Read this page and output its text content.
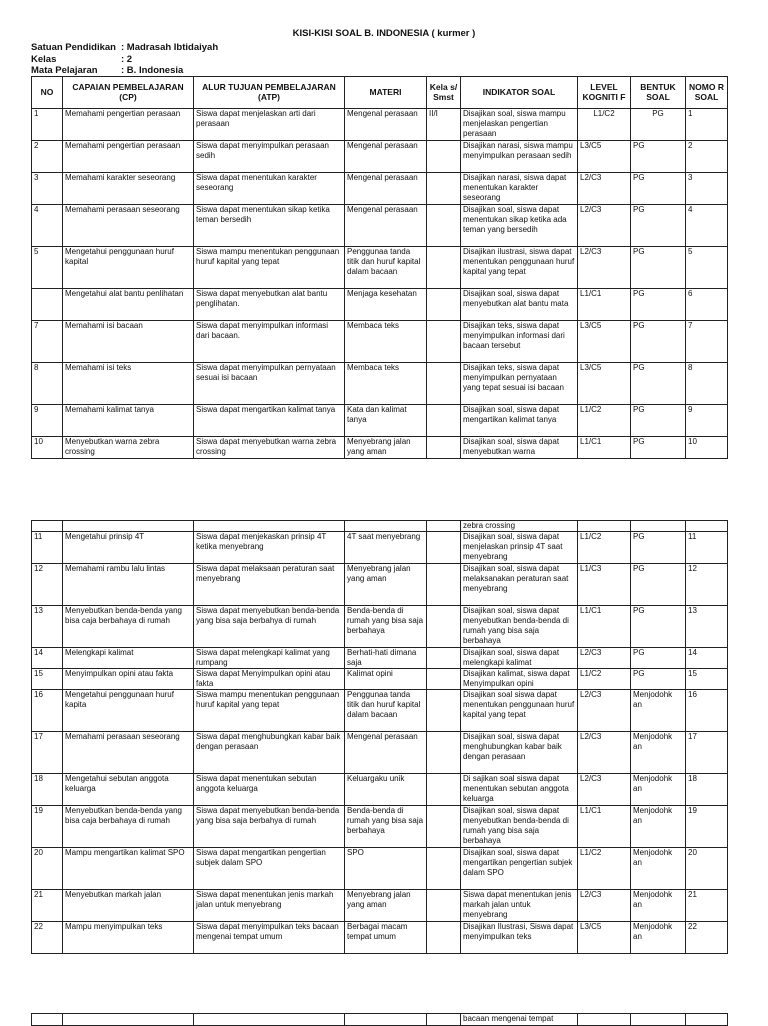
KISI-KISI SOAL B. INDONESIA ( kurmer )
Satuan Pendidikan : Madrasah Ibtidaiyah
Kelas	: 2
Mata Pelajaran	: B. Indonesia
NO	CAPAIAN PEMBELAJARAN (CP)	ALUR TUJUAN PEMBELAJARAN (ATP)	MATERI	Kela s/ Smst	INDIKATOR SOAL	LEVEL KOGNITI F	BENTUK SOAL	NOMO R SOAL
1	Memahami pengertian perasaan	Siswa dapat menjelaskan arti dari perasaan	Mengenal perasaan	II/I	Disajikan soal, siswa mampu menjelaskan pengertian perasaan	L1/C2	PG	1
2	Memahami pengertian perasaan	Siswa dapat menyimpulkan perasaan sedih	Mengenal perasaan		Disajikan narasi, siswa mampu menyimpulkan perasaan sedih	L3/C5	PG	2
3	Memahami karakter seseorang	Siswa dapat menentukan karakter seseorang	Mengenal perasaan		Disajikan narasi, siswa dapat menentukan karakter seseorang	L2/C3	PG	3
4	Memahami perasaan seseorang	Siswa dapat menentukan sikap ketika teman bersedih	Mengenal perasaan		Disajikan soal, siswa dapat menentukan sikap ketika ada teman yang bersedih	L2/C3	PG	4
5	Mengetahui penggunaan huruf kapital	Siswa mampu menentukan penggunaan huruf kapital yang tepat	Penggunaa tanda titik dan huruf kapital dalam bacaan		Disajikan ilustrasi, siswa dapat menentukan penggunaan huruf kapital yang tepat	L2/C3	PG	5
	Mengetahui alat bantu penlihatan	Siswa dapat menyebutkan alat bantu penglihatan.	Menjaga kesehatan		Disajikan soal, siswa dapat menyebutkan alat bantu mata	L1/C1	PG	6
7	Memahami isi bacaan	Siswa dapat menyimpulkan informasi dari bacaan.	Membaca teks		Disajikan teks, siswa dapat menyimpulkan informasi dari bacaan tersebut	L3/C5	PG	7
8	Memahami isi teks	Siswa dapat menyimpulkan pernyataan sesuai isi bacaan	Membaca teks		Disajikan teks, siswa dapat menyimpulkan pernyataan yang tepat sesuai isi bacaan	L3/C5	PG	8
9	Memahami kalimat tanya	Siswa dapat mengartikan kalimat tanya	Kata dan kalimat tanya		Disajikan soal, siswa dapat mengartikan kalimat tanya	L1/C2	PG	9
10	Menyebutkan warna zebra crossing	Siswa dapat menyebutkan warna zebra crossing	Menyebrang jalan yang aman		Disajikan soal, siswa dapat menyebutkan warna	L1/C1	PG	10
					zebra crossing			
11	Mengetahui prinsip 4T	Siswa dapat menjekaskan prinsip 4T ketika menyebrang	4T saat menyebrang		Disajikan soal, siswa dapat menjelaskan prinsip 4T saat menyebrang	L1/C2	PG	11
12	Memahami rambu lalu lintas	Siswa dapat melaksaan peraturan saat menyebrang	Menyebrang jalan yang aman		Disajikan soal, siswa dapat melaksanakan peraturan saat menyebrang	L1/C3	PG	12
13	Menyebutkan benda-benda yang bisa caja berbahaya di rumah	Siswa dapat menyebutkan benda-benda yang bisa saja berbahya di rumah	Benda-benda di rumah yang bisa saja berbahaya		Disajikan soal, siswa dapat menyebutkan benda-benda di rumah yang bisa saja berbahaya	L1/C1	PG	13
14	Melengkapi kalimat	Siswa dapat melengkapi kalimat yang rumpang	Berhati-hati dimana saja		Disajikan soal, siswa dapat melengkapi kalimat	L2/C3	PG	14
15	Menyimpulkan opini atau fakta	Siswa dapat Menyimpulkan opini atau fakta	Kalimat opini		Disajikan kalimat, siswa dapat Menyimpulkan opini	L1/C2	PG	15
16	Mengetahui penggunaan huruf kapita	Siswa mampu menentukan penggunaan huruf kapital yang tepat	Penggunaa tanda titik dan huruf kapital dalam bacaan		Disajikan soal siswa dapat menentukan penggunaan huruf kapital yang tepat	L2/C3	Menjodohk an	16
17	Memahami perasaan seseorang	Siswa dapat menghubungkan kabar baik dengan perasaan	Mengenal perasaan		Disajikan soal, siswa dapat menghubungkan kabar baik dengan perasaan	L2/C3	Menjodohk an	17
18	Mengetahui sebutan anggota keluarga	Siswa dapat menentukan sebutan anggota keluarga	Keluargaku unik		Di sajikan soal siswa dapat menentukan sebutan anggota keluarga	L2/C3	Menjodohk an	18
19	Menyebutkan benda-benda yang bisa caja berbahaya di rumah	Siswa dapat menyebutkan benda-benda yang bisa saja berbahya di rumah	Benda-benda di rumah yang bisa saja berbahaya		Disajikan soal, siswa dapat menyebutkan benda-benda di rumah yang bisa saja berbahaya	L1/C1	Menjodohk an	19
20	Mampu mengartikan kalimat SPO	Siswa dapat mengartikan pengertian subjek dalam SPO	SPO		Disajikan soal, siswa dapat mengartikan pengertian subjek dalam SPO	L1/C2	Menjodohk an	20
21	Menyebutkan markah jalan	Siswa dapat menentukan jenis markah jalan untuk menyebrang	Menyebrang jalan yang aman		Siswa dapat menentukan jenis markah jalan untuk menyebrang	L2/C3	Menjodohk an	21
22	Mampu menyimpulkan teks	Siswa dapat menyimpulkan teks bacaan mengenai tempat umum	Berbagai macam tempat umum		Disajikan Ilustrasi, Siswa dapat menyimpulkan teks	L3/C5	Menjodohk an	22
					bacaan mengenai tempat			
